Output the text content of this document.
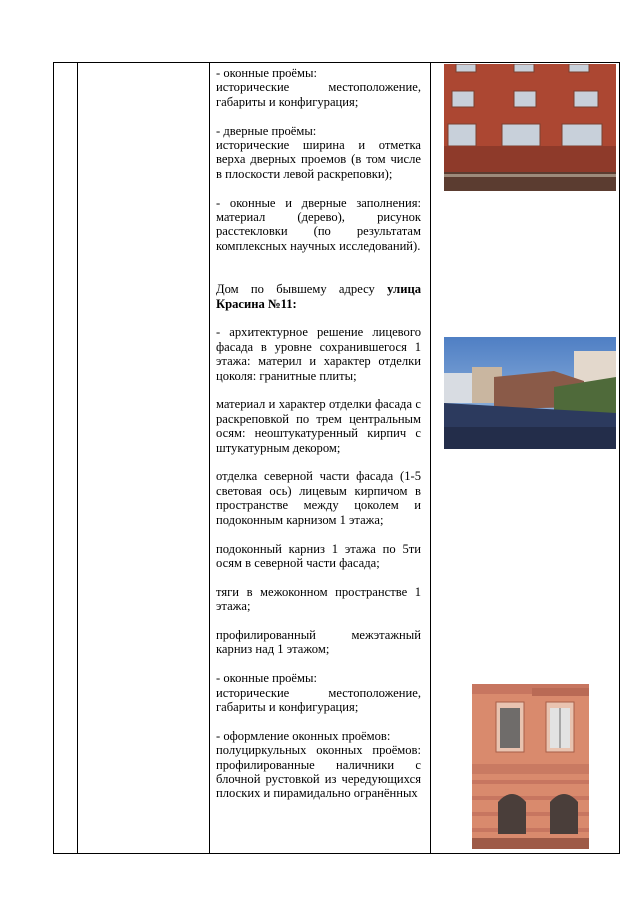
- оконные проёмы:
исторические местоположение, габариты и конфигурация;

- дверные проёмы:
исторические ширина и отметка верха дверных проемов (в том числе в плоскости левой раскреповки);

- оконные и дверные заполнения: материал (дерево), рисунок расстекловки (по результатам комплексных научных исследований).

Дом по бывшему адресу улица Красина №11:

- архитектурное решение лицевого фасада в уровне сохранившегося 1 этажа: материл и характер отделки цоколя: гранитные плиты;

материал и характер отделки фасада с раскреповкой по трем центральным осям: неоштукатуренный кирпич с штукатурным декором;

отделка северной части фасада (1-5 световая ось) лицевым кирпичом в пространстве между цоколем и подоконным карнизом 1 этажа;

подоконный карниз 1 этажа по 5ти осям в северной части фасада;

тяги в межоконном пространстве 1 этажа;

профилированный межэтажный карниз над 1 этажом;

- оконные проёмы:
исторические местоположение, габариты и конфигурация;

- оформление оконных проёмов:
полуциркульных оконных проёмов: профилированные наличники с блочной рустовкой из чередующихся плоских и пирамидально огранённых
